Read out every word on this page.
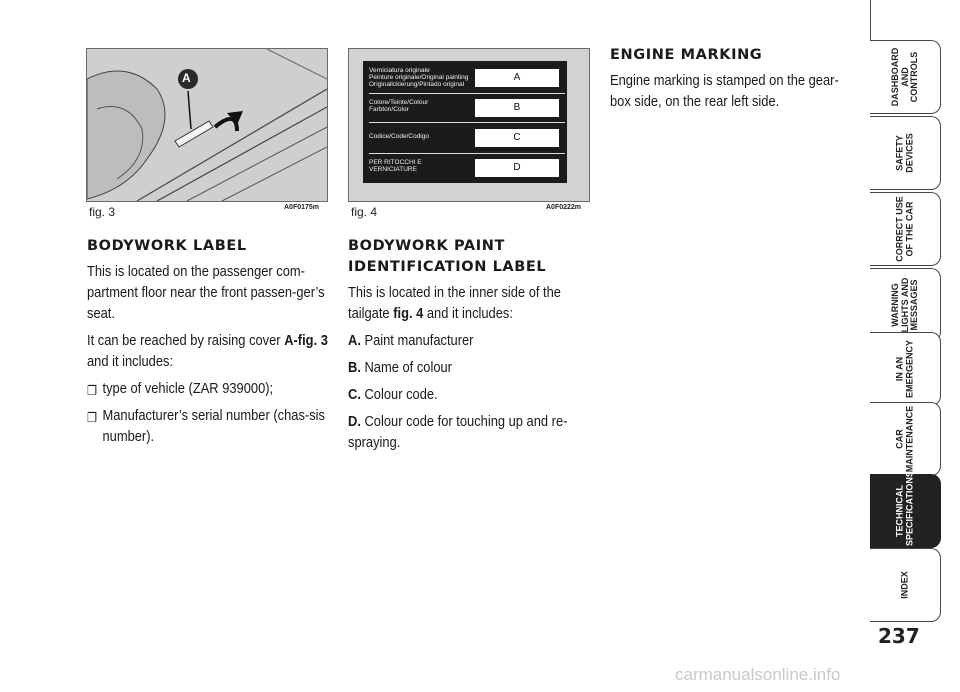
A
fig. 3	A0F0175m
BODYWORK LABEL

This is located on the passenger com-partment floor near the front passen-ger’s seat.

It can be reached by raising cover A-fig. 3 and it includes:

❐ type of vehicle (ZAR 939000);
❐ Manufacturer’s serial number (chas-sis number).
Verniciatura originale
Peinture originale/Original painting
Originallckierung/Pintado original
A
Colore/Teinte/Colour
Farbton/Color	B
Codice/Code/Codigo	C
PER RITOCCHI E
VERNICIATURE	D
fig. 4	A0F0222m
BODYWORK PAINT IDENTIFICATION LABEL

This is located in the inner side of the tailgate fig. 4 and it includes:

A. Paint manufacturer

B. Name of colour

C. Colour code.

D. Colour code for touching up and re-spraying.

ENGINE MARKING

Engine marking is stamped on the gear-box side, on the rear left side.	DASHBOARD
AND
CONTROLS
SAFETY
DEVICES
CORRECT USE
OF THE CAR
WARNING
LIGHTS AND
MESSAGES
IN AN
EMERGENCY
CAR
MAINTENANCE
TECHNICAL
SPECIFICATIONS
INDEX
237
carmanualsonline.info
